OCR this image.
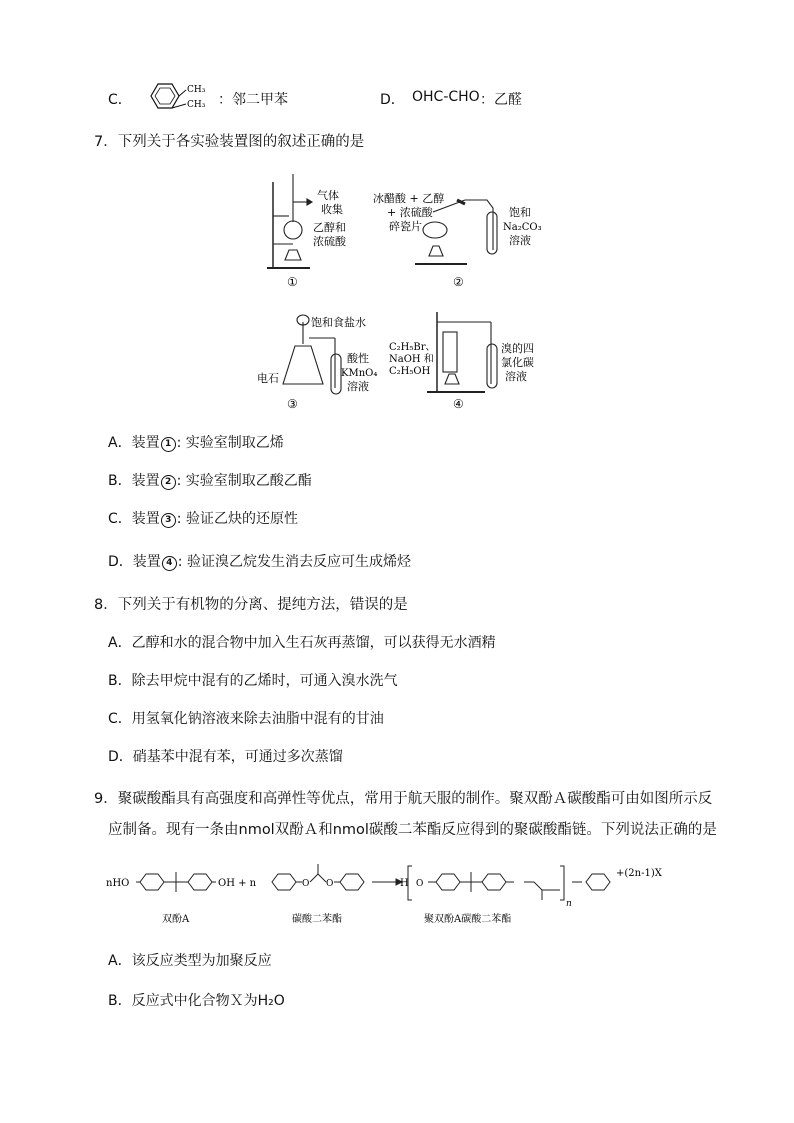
C．
CH₃
CH₃ ：邻二甲苯	D． OHC-CHO ：乙醛
7．下列关于各实验装置图的叙述正确的是
气体
收集
乙醇和
浓硫酸
①
冰醋酸 + 乙醇
+ 浓硫酸
碎瓷片
饱和
Na₂CO₃
溶液
②
饱和食盐水
酸性
KMnO₄
溶液
电石
③
C₂H₅Br、
NaOH 和
C₂H₅OH
溴的四
氯化碳
溶液
④
A．装置 1 : 实验室制取乙烯
B．装置 2 : 实验室制取乙酸乙酯
C．装置 3 : 验证乙炔的还原性
D．装置 4 : 验证溴乙烷发生消去反应可生成烯烃
8．下列关于有机物的分离、提纯方法，错误的是
A．乙醇和水的混合物中加入生石灰再蒸馏，可以获得无水酒精
B．除去甲烷中混有的乙烯时，可通入溴水洗气
C．用氢氧化钠溶液来除去油脂中混有的甘油
D．硝基苯中混有苯，可通过多次蒸馏
9．聚碳酸酯具有高强度和高弹性等优点，常用于航天服的制作。聚双酚Ａ碳酸酯可由如图所示反
应制备。现有一条由nmol双酚Ａ和nmol碳酸二苯酯反应得到的聚碳酸酯链。下列说法正确的是
nHO	OH + n	O O	H O
n
+(2n-1)X
双酚A	碳酸二苯酯	聚双酚A碳酸二苯酯
A．该反应类型为加聚反应
B．反应式中化合物Ｘ为H₂O
